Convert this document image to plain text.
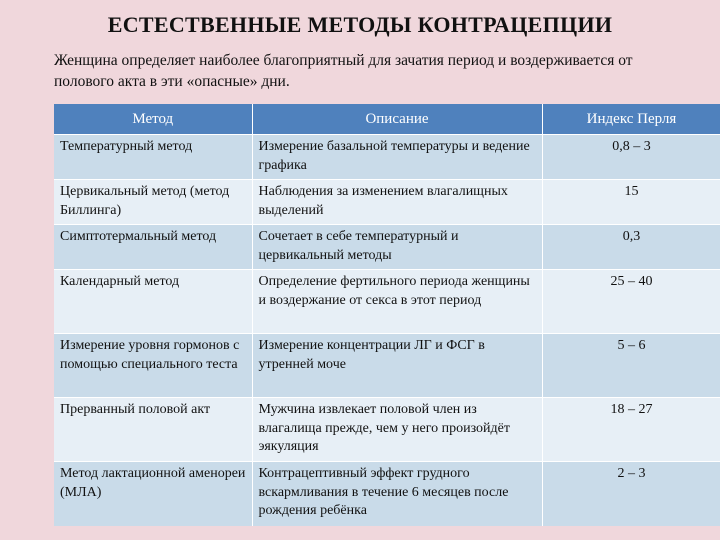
ЕСТЕСТВЕННЫЕ МЕТОДЫ КОНТРАЦЕПЦИИ
Женщина определяет наиболее благоприятный для зачатия период и воздерживается от полового акта в эти «опасные» дни.
Метод	Описание	Индекс Перля
Температурный метод	Измерение базальной температуры и ведение графика	0,8 – 3
Цервикальный метод (метод Биллинга)	Наблюдения за изменением влагалищных выделений	15
Симптотермальный метод	Сочетает в себе температурный и цервикальный методы	0,3
Календарный метод	Определение фертильного периода женщины и воздержание от секса в этот период	25 – 40
Измерение уровня гормонов с помощью специального теста	Измерение концентрации ЛГ и ФСГ в утренней моче	5 – 6
Прерванный половой акт	Мужчина извлекает половой член из влагалища прежде, чем у него произойдёт эякуляция	18 – 27
Метод лактационной аменореи (МЛА)	Контрацептивный эффект грудного вскармливания в течение 6 месяцев после рождения ребёнка	2 – 3
